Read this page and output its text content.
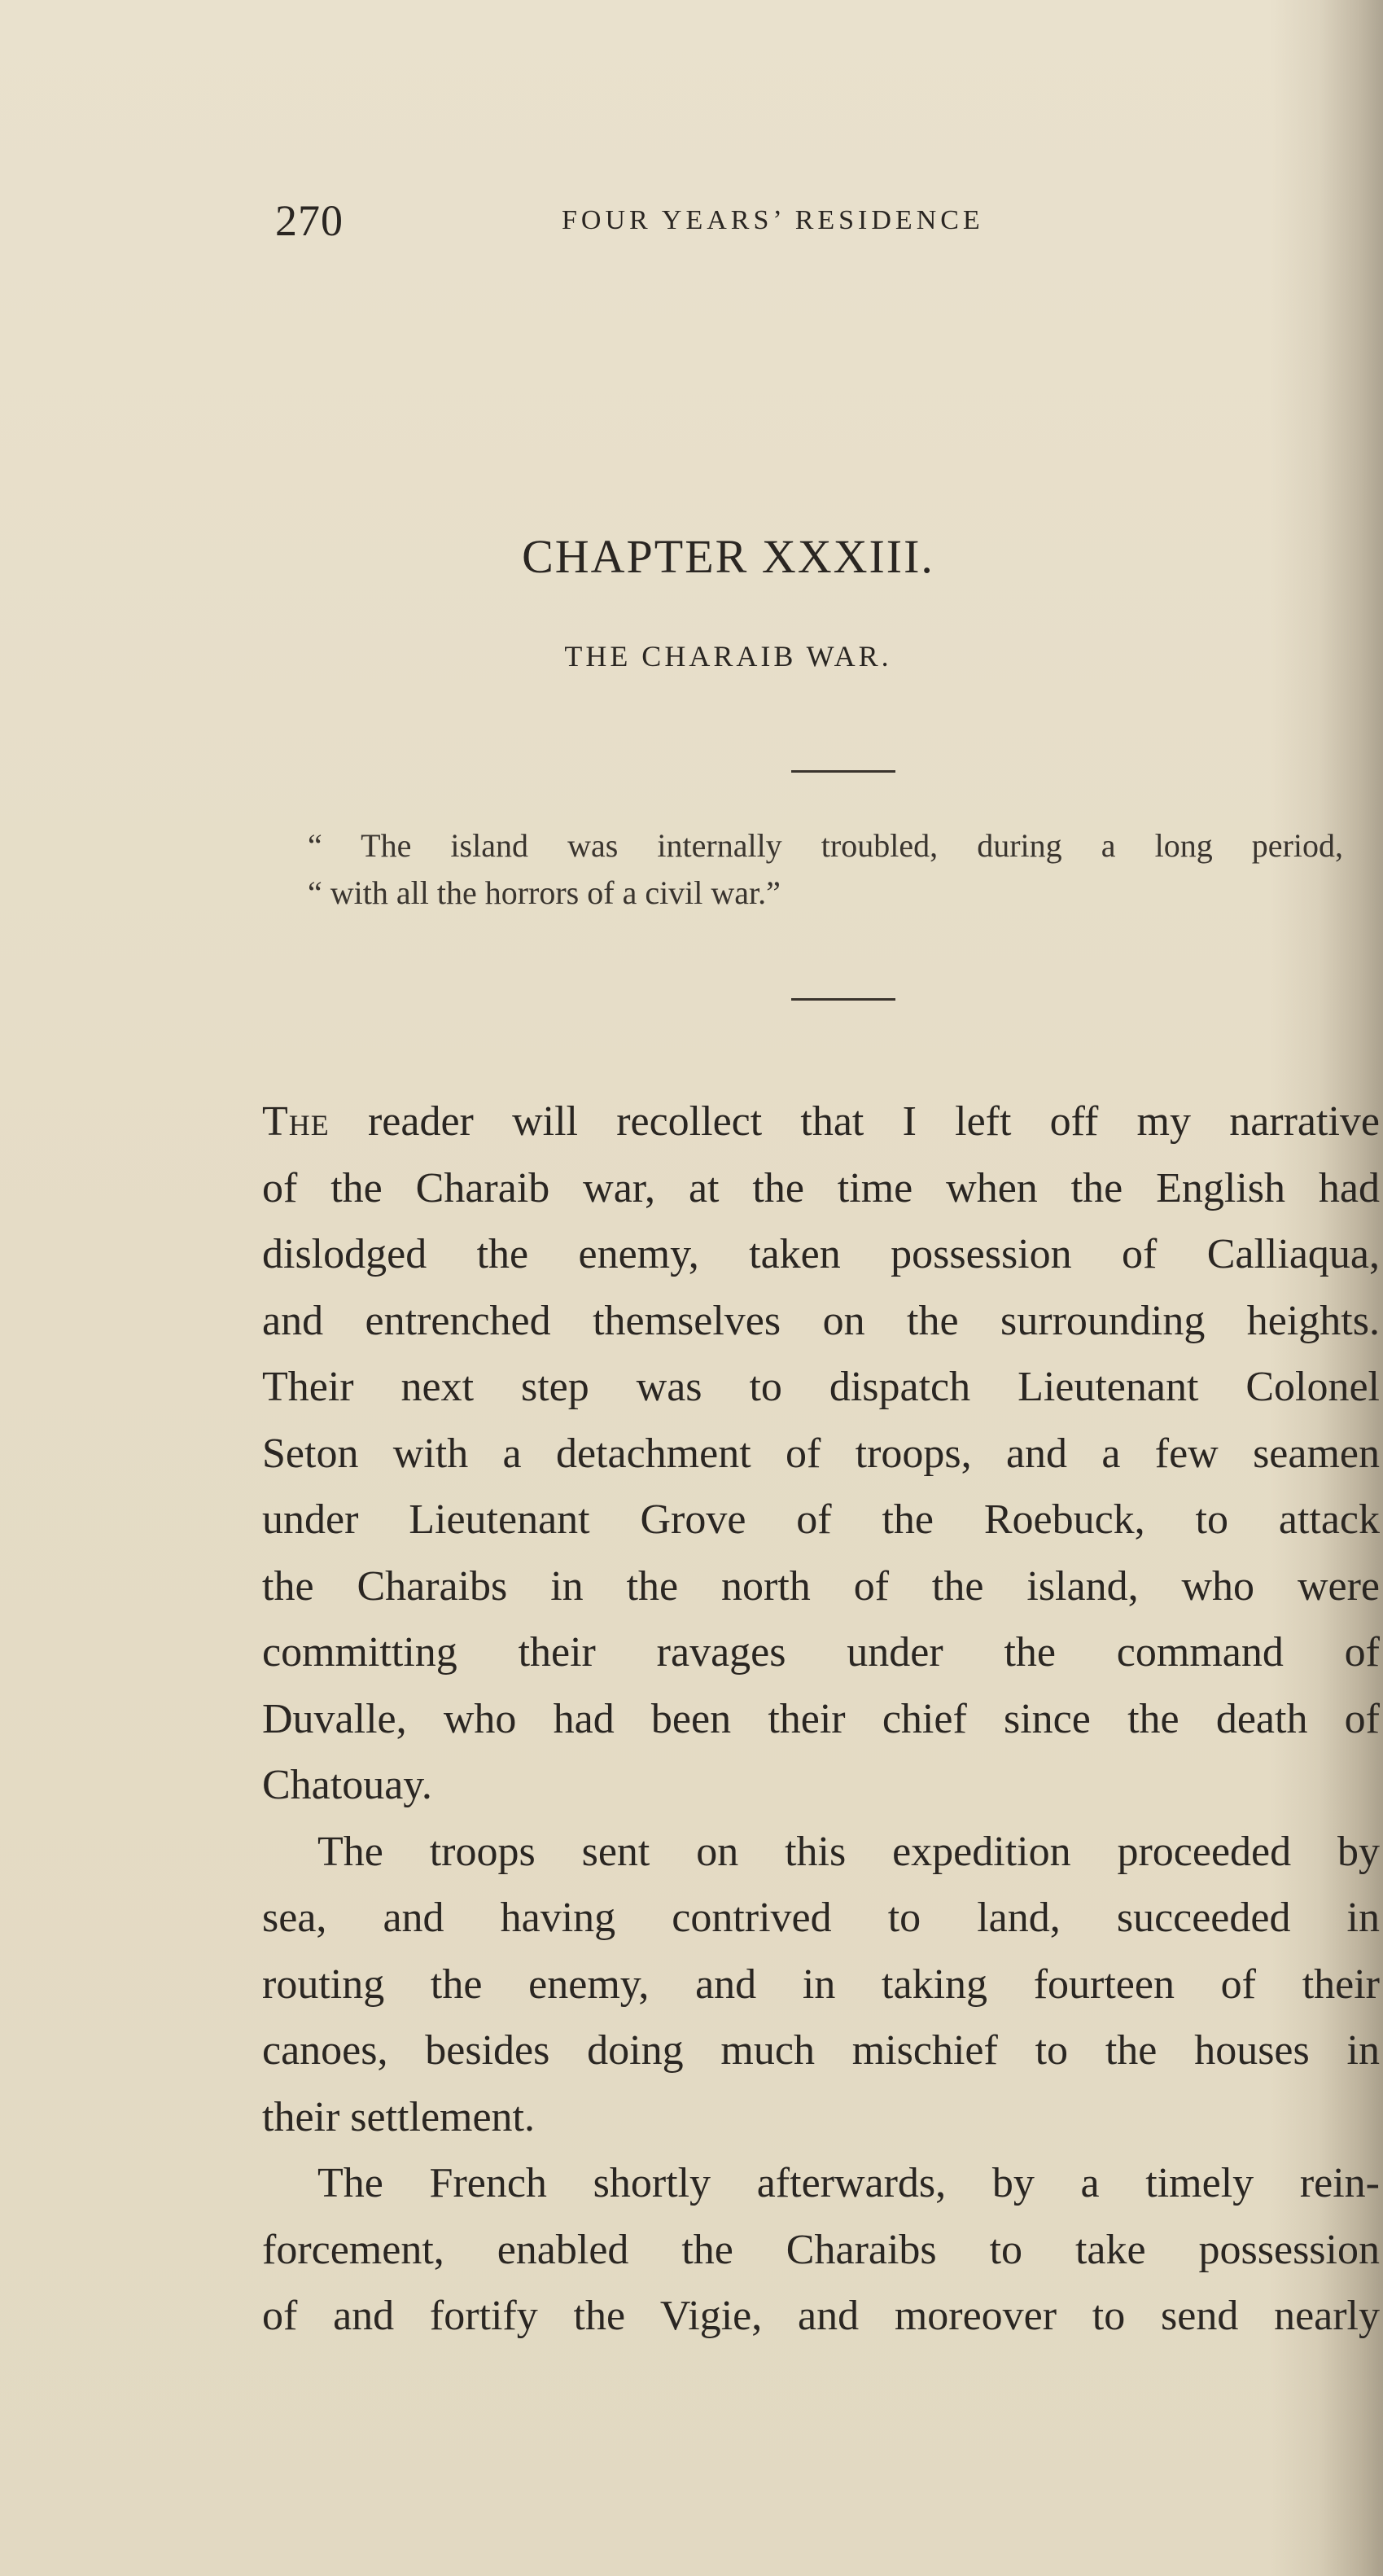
270	FOUR YEARS’ RESIDENCE
CHAPTER XXXIII.
THE CHARAIB WAR.
“ The island was internally troubled, during a long period,
“ with all the horrors of a civil war.”
The reader will recollect that I left off my narrative
of the Charaib war, at the time when the English had
dislodged the enemy, taken possession of Calliaqua,
and entrenched themselves on the surrounding heights.
Their next step was to dispatch Lieutenant Colonel
Seton with a detachment of troops, and a few seamen
under Lieutenant Grove of the Roebuck, to attack
the Charaibs in the north of the island, who were
committing their ravages under the command of
Duvalle, who had been their chief since the death of
Chatouay.
The troops sent on this expedition proceeded by
sea, and having contrived to land, succeeded in
routing the enemy, and in taking fourteen of their
canoes, besides doing much mischief to the houses in
their settlement.
The French shortly afterwards, by a timely rein-
forcement, enabled the Charaibs to take possession
of and fortify the Vigie, and moreover to send nearly
